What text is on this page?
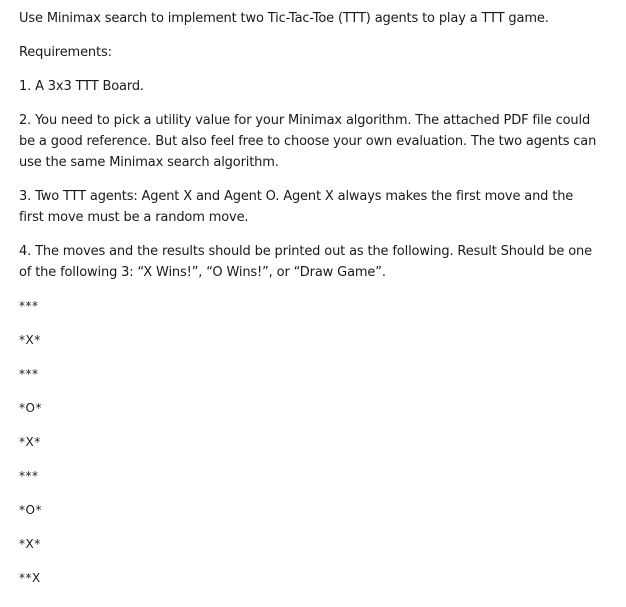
Use Minimax search to implement two Tic-Tac-Toe (TTT) agents to play a TTT game.

Requirements:

1. A 3x3 TTT Board.

2. You need to pick a utility value for your Minimax algorithm. The attached PDF file could be a good reference. But also feel free to choose your own evaluation. The two agents can use the same Minimax search algorithm.

3. Two TTT agents: Agent X and Agent O. Agent X always makes the first move and the first move must be a random move.

4. The moves and the results should be printed out as the following. Result Should be one of the following 3: “X Wins!”, “O Wins!”, or “Draw Game”.

***

*X*

***

*O*

*X*

***

*O*

*X*

**X
